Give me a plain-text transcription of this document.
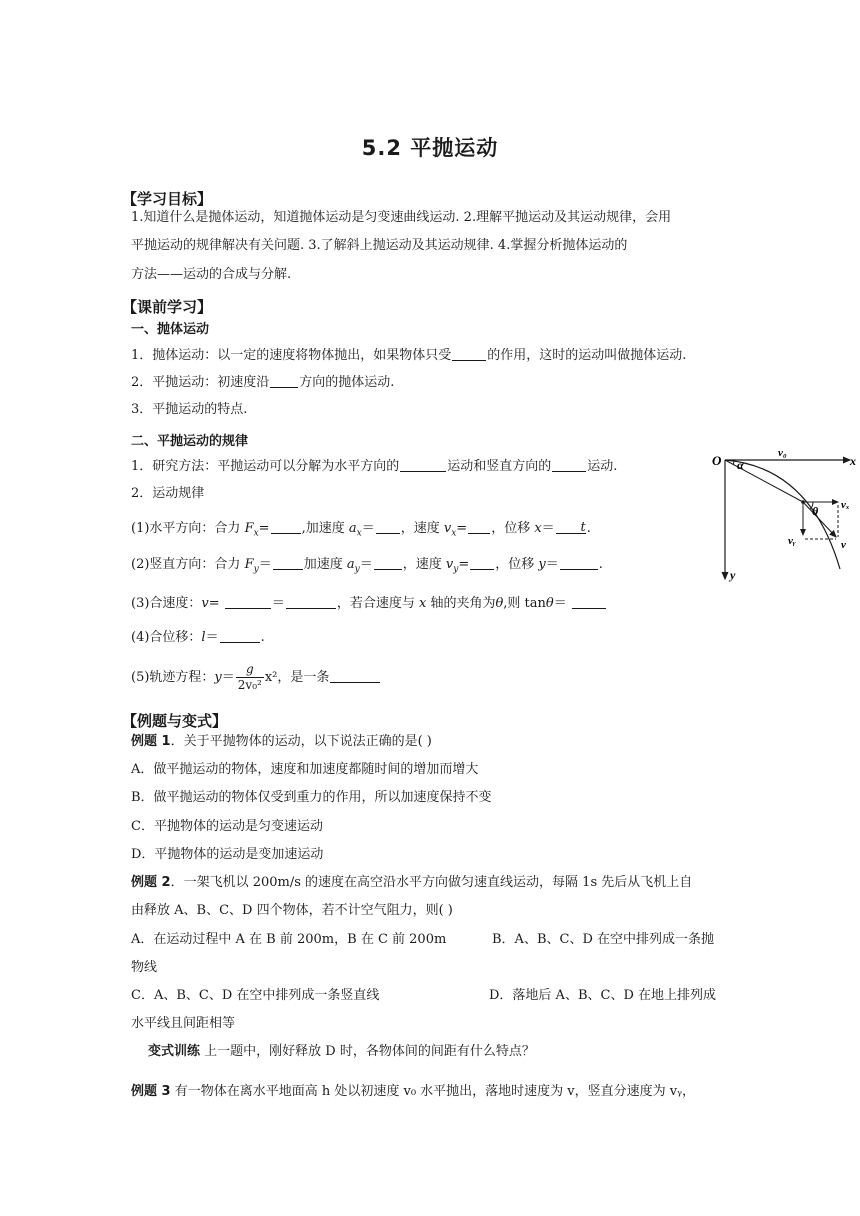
5.2 平抛运动
【学习目标】
1.知道什么是抛体运动，知道抛体运动是匀变速曲线运动. 2.理解平抛运动及其运动规律，会用
平抛运动的规律解决有关问题. 3.了解斜上抛运动及其运动规律. 4.掌握分析抛体运动的
方法——运动的合成与分解.
【课前学习】
一、抛体运动
1．抛体运动：以一定的速度将物体抛出，如果物体只受	的作用，这时的运动叫做抛体运动.
2．平抛运动：初速度沿 方向的抛体运动.
3．平抛运动的特点.
二、平抛运动的规律
1．研究方法：平抛运动可以分解为水平方向的	运动和竖直方向的	运动.
2．运动规律
(1)水平方向：合力 $F_x=$ ,加速度 $a_x=$ ，速度 $v_x=$ ，位移 x＝ t .
(2)竖直方向：合力 $F_y=$ 加速度 $a_y=$ ，速度 $v_y=$ ，位移 y＝	.
(3)合速度：v=	＝	，若合速度与 x 轴的夹角为θ,则 tanθ＝
(4)合位移：l＝	.
(5)轨迹方程：$y= \frac{g}{\text{2v₀²}} x^2$，是一条
【例题与变式】
例题 1．关于平抛物体的运动，以下说法正确的是( )
A．做平抛运动的物体，速度和加速度都随时间的增加而增大
B．做平抛运动的物体仅受到重力的作用，所以加速度保持不变
C．平抛物体的运动是匀变速运动
D．平抛物体的运动是变加速运动
例题 2．一架飞机以 200m/s 的速度在高空沿水平方向做匀速直线运动，每隔 1s 先后从飞机上自
由释放 A、B、C、D 四个物体，若不计空气阻力，则( )
A．在运动过程中 A 在 B 前 200m，B 在 C 前 200m	B．A、B、C、D 在空中排列成一条抛
物线
C．A、B、C、D 在空中排列成一条竖直线	D．落地后 A、B、C、D 在地上排列成
水平线且间距相等
变式训练 上一题中，刚好释放 D 时，各物体间的间距有什么特点？
例题 3 有一物体在离水平地面高 h 处以初速度 v₀ 水平抛出，落地时速度为 v，竖直分速度为 vᵧ，
O α
v₀
x
y
θ vₓ
vᵧ	v
